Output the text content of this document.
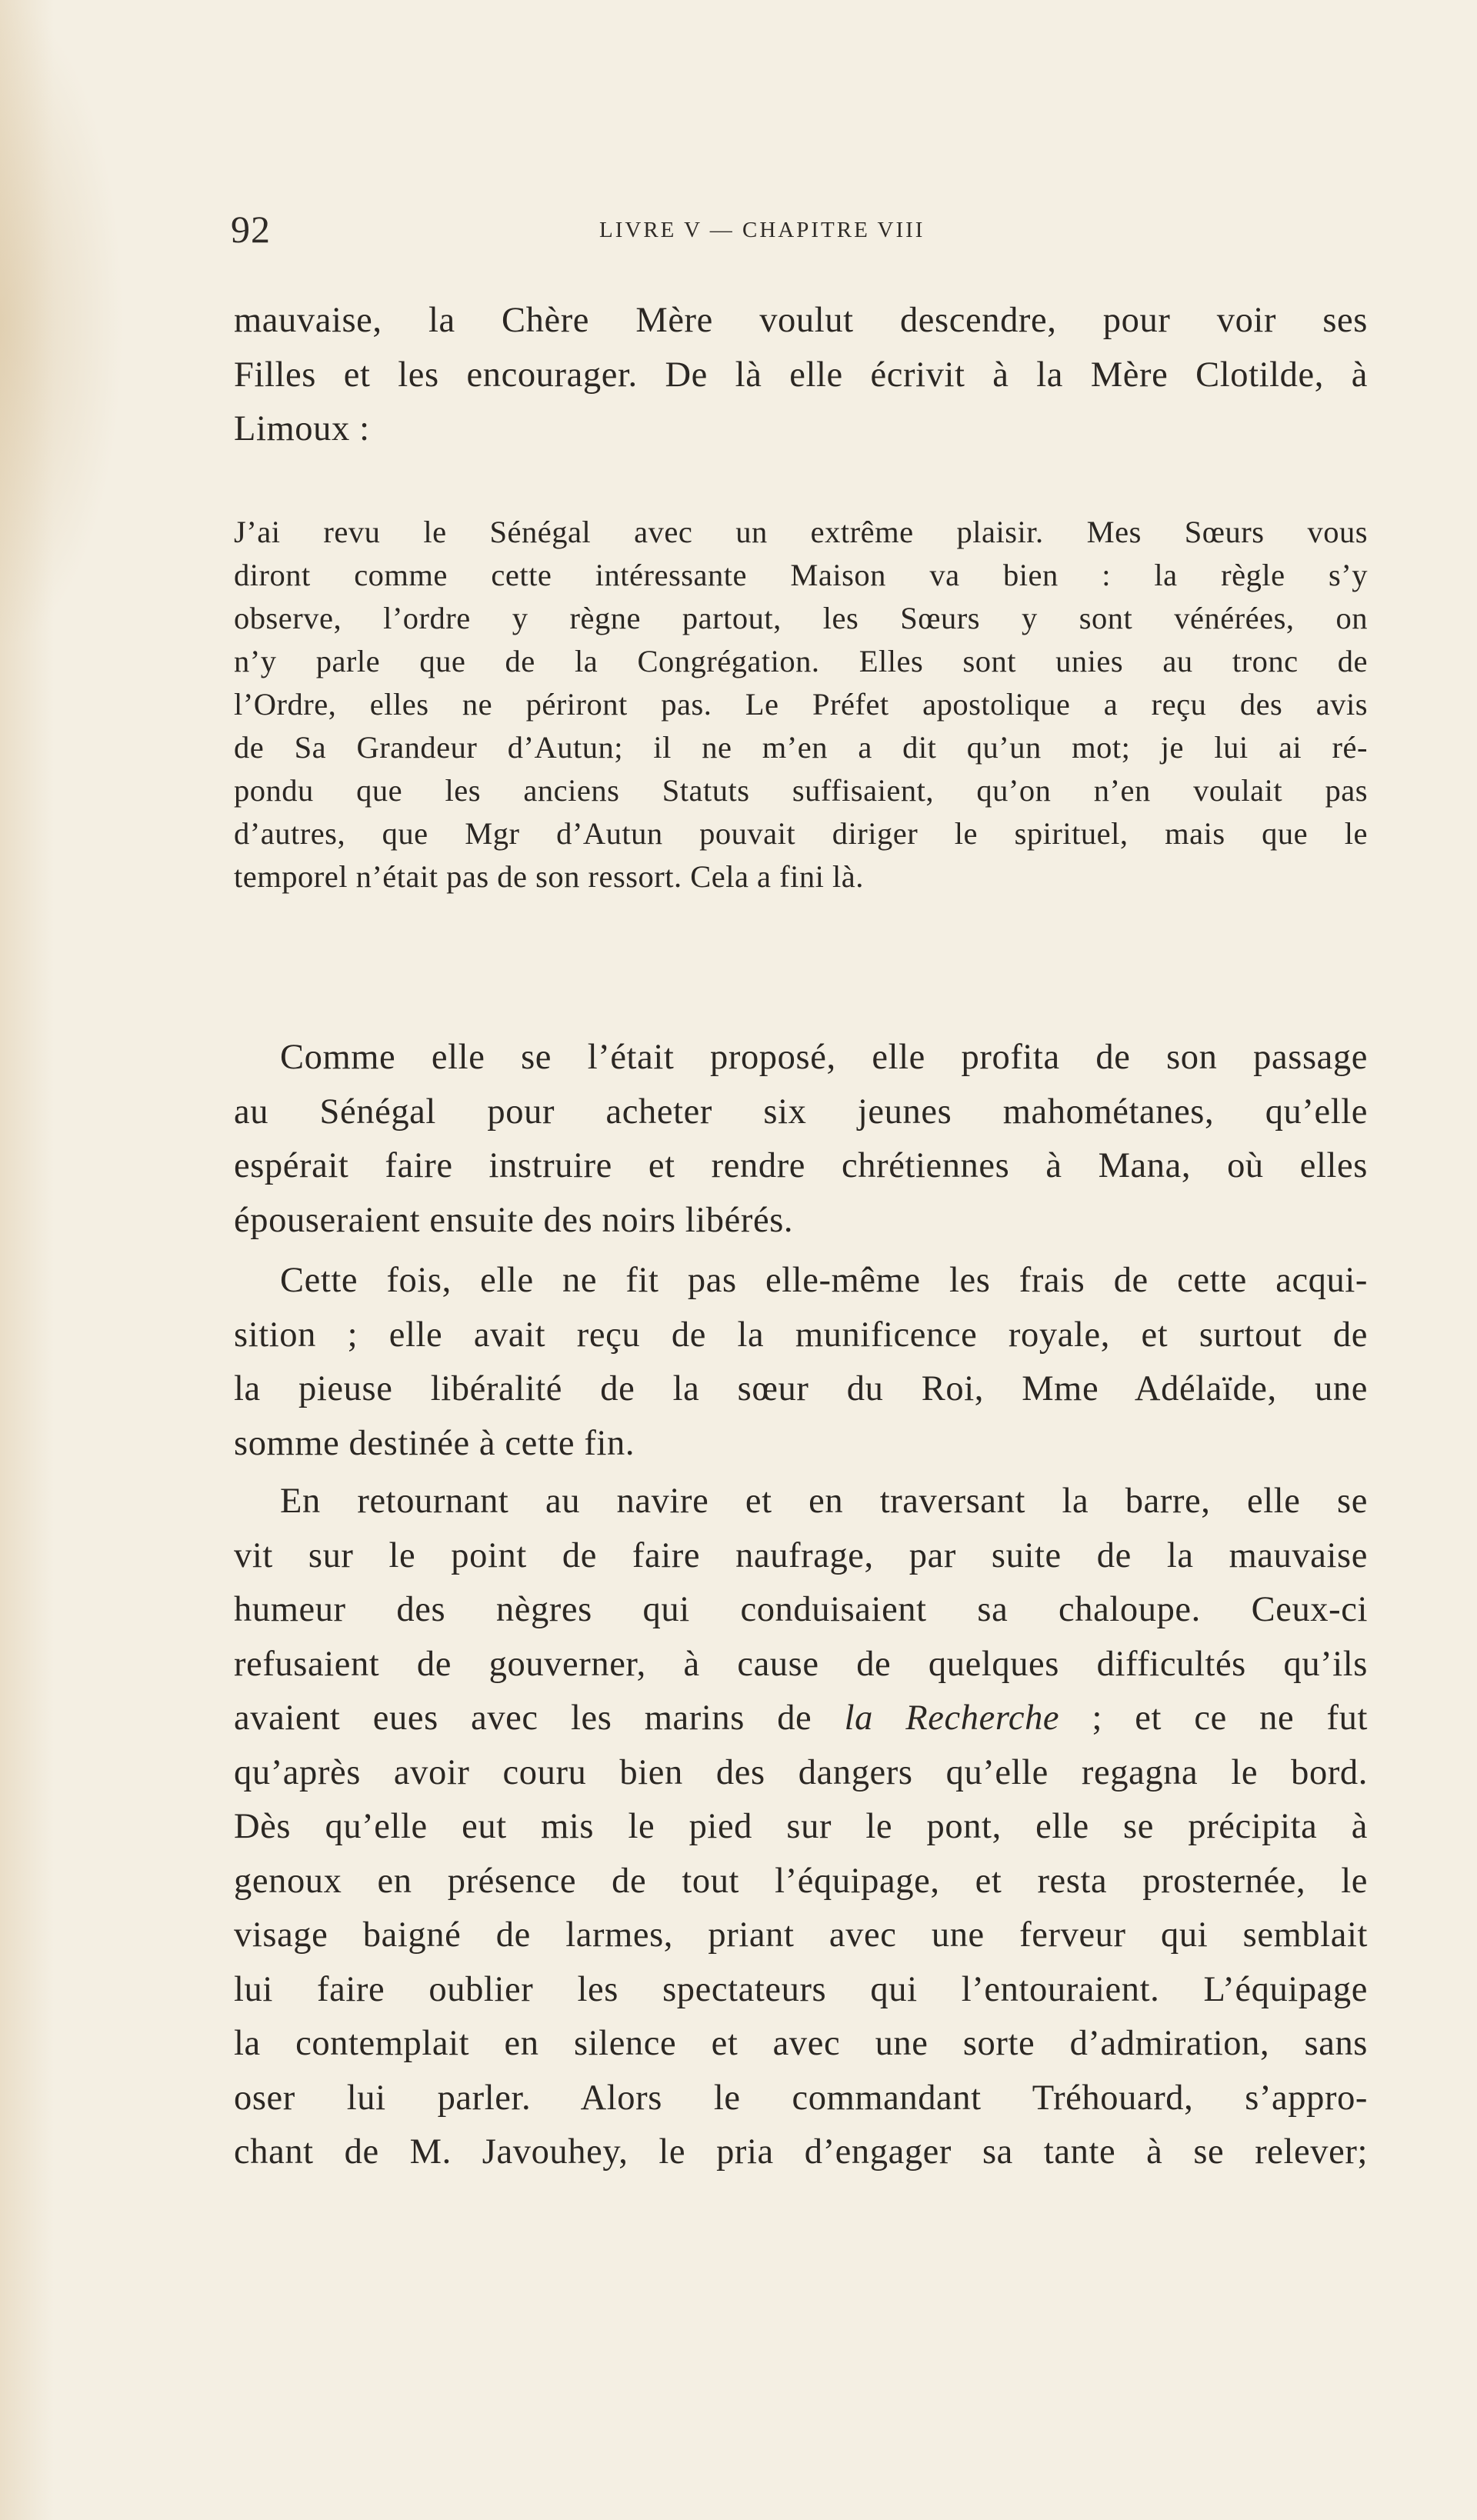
92	LIVRE V — CHAPITRE VIII
mauvaise, la Chère Mère voulut descendre, pour voir ses
Filles et les encourager. De là elle écrivit à la Mère Clotilde, à
Limoux :
J’ai revu le Sénégal avec un extrême plaisir. Mes Sœurs vous
diront comme cette intéressante Maison va bien : la règle s’y
observe, l’ordre y règne partout, les Sœurs y sont vénérées, on
n’y parle que de la Congrégation. Elles sont unies au tronc de
l’Ordre, elles ne périront pas. Le Préfet apostolique a reçu des avis
de Sa Grandeur d’Autun; il ne m’en a dit qu’un mot; je lui ai ré-
pondu que les anciens Statuts suffisaient, qu’on n’en voulait pas
d’autres, que Mgr d’Autun pouvait diriger le spirituel, mais que le
temporel n’était pas de son ressort. Cela a fini là.
Comme elle se l’était proposé, elle profita de son passage
au Sénégal pour acheter six jeunes mahométanes, qu’elle
espérait faire instruire et rendre chrétiennes à Mana, où elles
épouseraient ensuite des noirs libérés.
Cette fois, elle ne fit pas elle-même les frais de cette acqui-
sition ; elle avait reçu de la munificence royale, et surtout de
la pieuse libéralité de la sœur du Roi, Mme Adélaïde, une
somme destinée à cette fin.
En retournant au navire et en traversant la barre, elle se
vit sur le point de faire naufrage, par suite de la mauvaise
humeur des nègres qui conduisaient sa chaloupe. Ceux-ci
refusaient de gouverner, à cause de quelques difficultés qu’ils
avaient eues avec les marins de la Recherche ; et ce ne fut
qu’après avoir couru bien des dangers qu’elle regagna le bord.
Dès qu’elle eut mis le pied sur le pont, elle se précipita à
genoux en présence de tout l’équipage, et resta prosternée, le
visage baigné de larmes, priant avec une ferveur qui semblait
lui faire oublier les spectateurs qui l’entouraient. L’équipage
la contemplait en silence et avec une sorte d’admiration, sans
oser lui parler. Alors le commandant Tréhouard, s’appro-
chant de M. Javouhey, le pria d’engager sa tante à se relever;
